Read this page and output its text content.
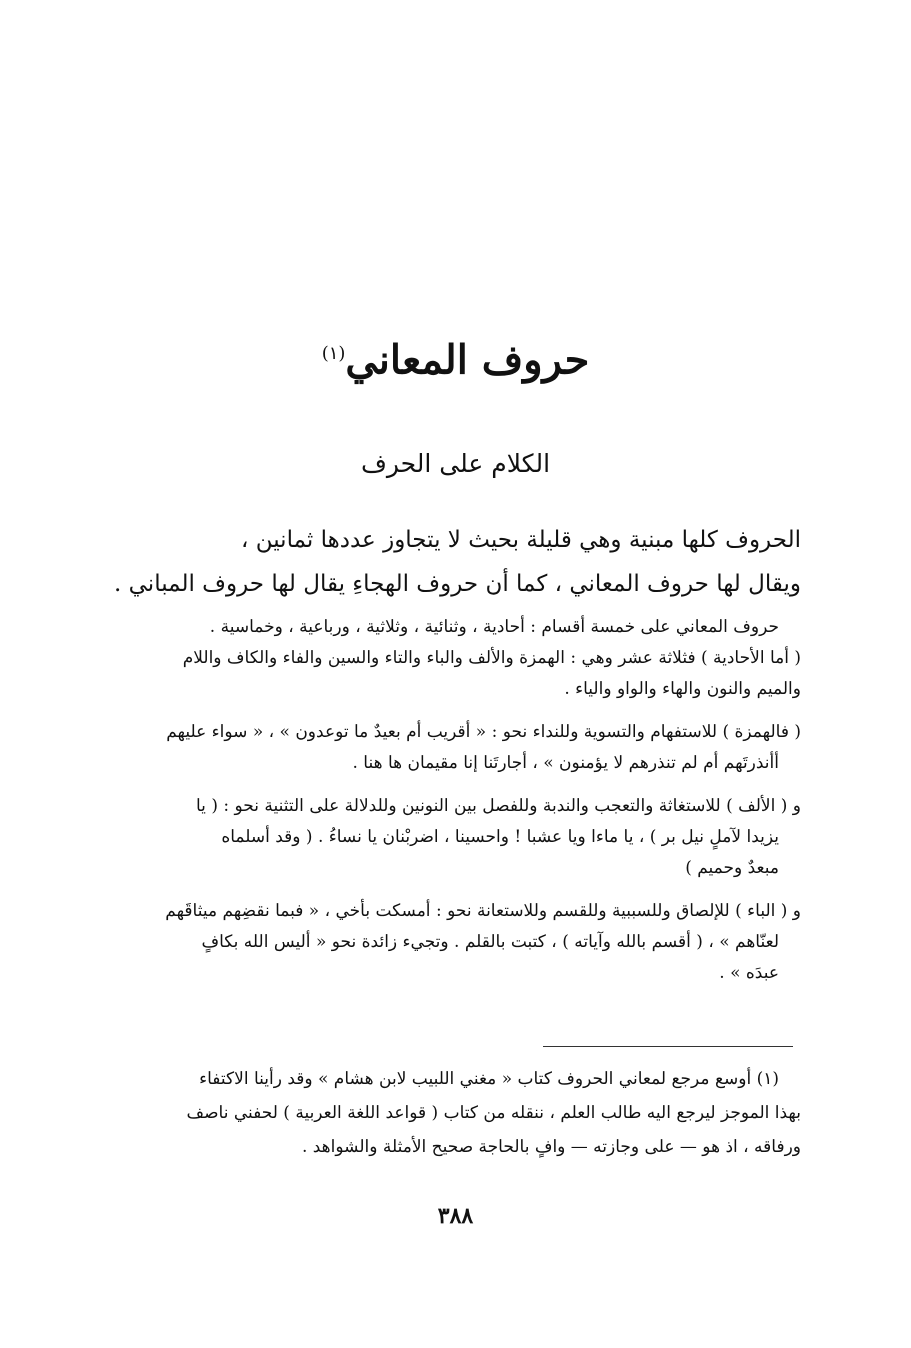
حروف المعاني$^{(١)}$
الكلام على الحرف

الحروف كلها مبنية وهي قليلة بحيث لا يتجاوز عددها ثمانين ،

ويقال لها حروف المعاني ، كما أن حروف الهجاءِ يقال لها حروف المباني .

حروف المعاني على خمسة أقسام : أحادية ، وثنائية ، وثلاثية ، ورباعية ، وخماسية .

( أما الأحادية ) فثلاثة عشر وهي : الهمزة والألف والباء والتاء والسين والفاء والكاف واللام

والميم والنون والهاء والواو والياء .

( فالهمزة ) للاستفهام والتسوية وللنداء نحو : « أقريب أم بعيدٌ ما توعدون » ، « سواء عليهم

أأنذرتَهم أم لم تنذرهم لا يؤمنون » ، أجارتَنا إنا مقيمان ها هنا .

و ( الألف ) للاستغاثة والتعجب والندبة وللفصل بين النونين وللدلالة على التثنية نحو : ( يا

يزيدا لآملٍ نيل بر ) ، يا ماءا ويا عشبا ! واحسينا ، اضربْنان يا نساءُ . ( وقد أسلماه

مبعدٌ وحميم )

و ( الباء ) للإلصاق وللسببية وللقسم وللاستعانة نحو : أمسكت بأخي ، « فبما نقضِهم ميثاقَهم

لعنّاهم » ، ( أقسم بالله وآياته ) ، كتبت بالقلم . وتجيء زائدة نحو « أليس الله بكافٍ

عبدَه » .

(١) أوسع مرجع لمعاني الحروف كتاب « مغني اللبيب لابن هشام » وقد رأينا الاكتفاء

بهذا الموجز ليرجع اليه طالب العلم ، ننقله من كتاب ( قواعد اللغة العربية ) لحفني ناصف

ورفاقه ، اذ هو — على وجازته — وافٍ بالحاجة صحيح الأمثلة والشواهد .

٣٨٨
